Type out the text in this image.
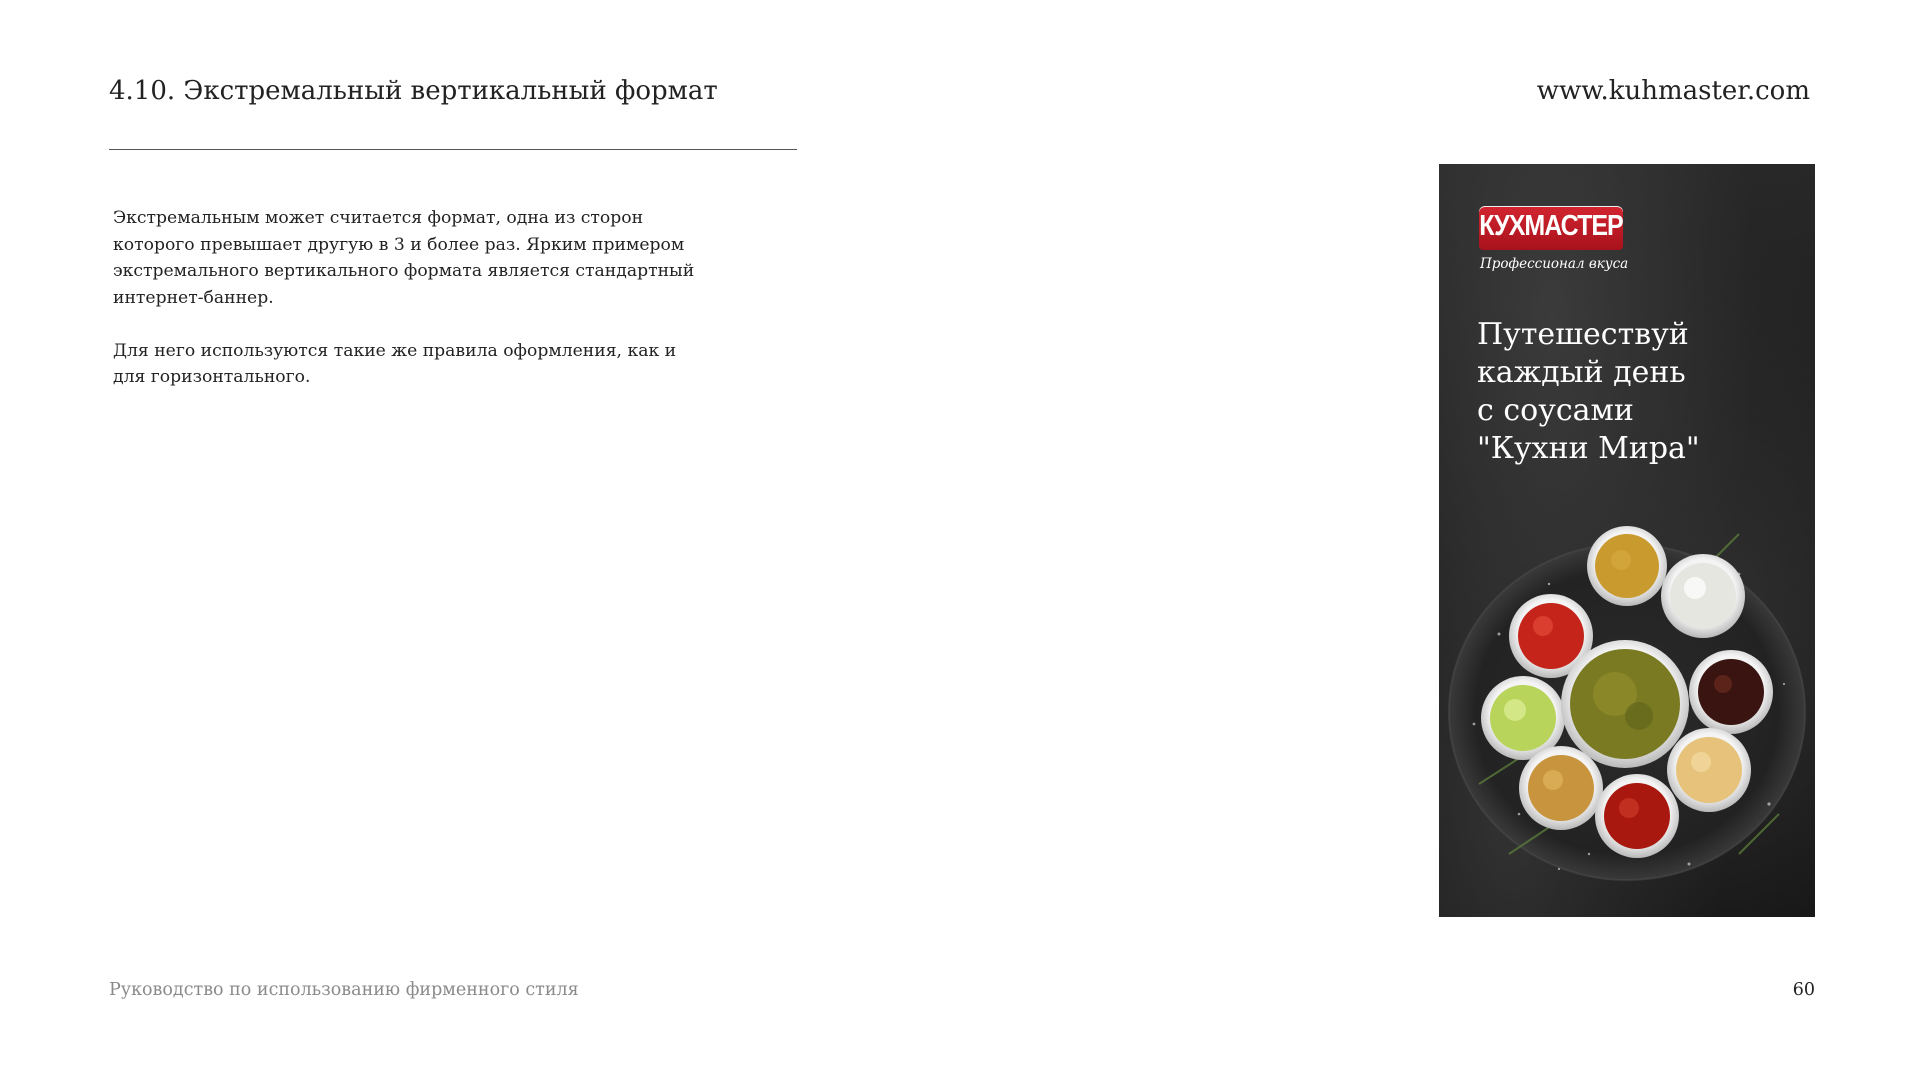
4.10. Экстремальный вертикальный формат	www.kuhmaster.com

Экстремальным может считается формат, одна из сторон которого превышает другую в 3 и более раз. Ярким примером экстремального вертикального формата является стандартный интернет-баннер.

Для него используются такие же правила оформления, как и для горизонтального.

КУХМАСТЕР
Профессионал вкуса
Путешествуй
каждый день
с соусами
"Кухни Мира"
Руководство по использованию фирменного стиля	60
